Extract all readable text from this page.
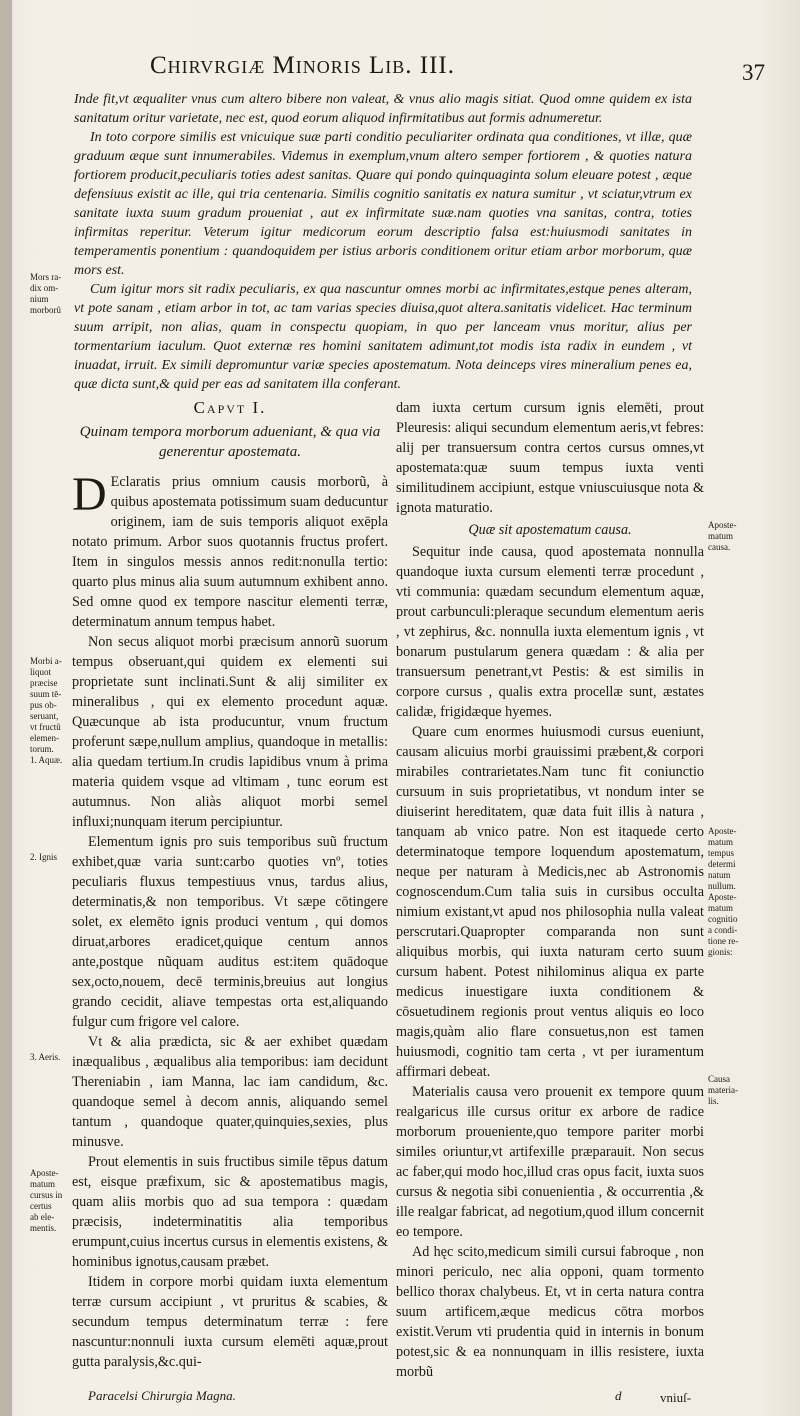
Chirvrgiæ Minoris Lib. III.	37

Inde fit,vt æqualiter vnus cum altero bibere non valeat, & vnus alio magis sitiat. Quod omne quidem ex ista sanitatum oritur varietate, nec est, quod eorum aliquod infirmitatibus aut formis adnumeretur.

In toto corpore similis est vnicuique suæ parti conditio peculiariter ordinata qua conditiones, vt illæ, quæ graduum æque sunt innumerabiles. Videmus in exemplum,vnum altero semper fortiorem , & quoties natura fortiorem producit,peculiaris toties adest sanitas. Quare qui pondo quinquaginta solum eleuare potest , æque defensiuus existit ac ille, qui tria centenaria. Similis cognitio sanitatis ex natura sumitur , vt sciatur,vtrum ex sanitate iuxta suum gradum proueniat , aut ex infirmitate suæ.nam quoties vna sanitas, contra, toties infirmitas reperitur. Veterum igitur medicorum eorum descriptio falsa est:huiusmodi sanitates in temperamentis ponentium : quandoquidem per istius arboris conditionem oritur etiam arbor morborum, quæ mors est.

Cum igitur mors sit radix peculiaris, ex qua nascuntur omnes morbi ac infirmitates,estque penes alteram, vt pote sanam , etiam arbor in tot, ac tam varias species diuisa,quot altera.sanitatis videlicet. Hac terminum suum arripit, non alias, quam in conspectu quopiam, in quo per lanceam vnus moritur, alius per tormentarium iaculum. Quot externæ res homini sanitatem adimunt,tot modis ista radix in eundem , vt inuadat, irruit. Ex simili depromuntur variæ species apostematum. Nota deinceps vires mineralium penes ea, quæ dicta sunt,& quid per eas ad sanitatem illa conferant.

Mors ra-
dix om-
nium
morborũ
Morbi a-
liquot
præcise
suum tē-
pus ob-
seruant,
vt fructũ
elemen-
torum.
1. Aquæ.
2. Ignis
3. Aeris.
Aposte-
matum
cursus in
certus
ab ele-
mentis.
Aposte-
matum
causa.
Aposte-
matum
tempus
determi
natum
nullum.
Aposte-
matum
cognitio
a condi-
tione re-
gionis:
Causa
materia-
lis.
Capvt I.
Quinam tempora morborum adueniant, & qua via generentur apostemata.

D Eclaratis prius omnium causis morborũ, à quibus apostemata potissimum suam deducuntur originem, iam de suis temporis aliquot exēpla notato primum. Arbor suos quotannis fructus profert. Item in singulos messis annos redit:nonulla tertio: quarto plus minus alia suum autumnum exhibent anno. Sed omne quod ex tempore nascitur elementi terræ, determinatum annum tempus habet.

Non secus aliquot morbi præcisum annorũ suorum tempus obseruant,qui quidem ex elementi sui proprietate sunt inclinati.Sunt & alij similiter ex mineralibus , qui ex elemento procedunt aquæ. Quæcunque ab ista producuntur, vnum fructum proferunt sæpe,nullum amplius, quandoque in metallis: alia quedam tertium.In crudis lapidibus vnum à prima materia quidem vsque ad vltimam , tunc eorum est autumnus. Non aliàs aliquot morbi semel influxi;nunquam iterum percipiuntur.

Elementum ignis pro suis temporibus suũ fructum exhibet,quæ varia sunt:carbo quoties vnº, toties peculiaris fluxus tempestiuus vnus, tardus alius, determinatis,& non temporibus. Vt sæpe cōtingere solet, ex elemēto ignis produci ventum , qui domos diruat,arbores eradicet,quique centum annos ante,postque nũquam auditus est:item quādoque sex,octo,nouem, decē terminis,breuius aut longius grando cecidit, aliave tempestas orta est,aliquando fulgur cum frigore vel calore.

Vt & alia prædicta, sic & aer exhibet quædam inæqualibus , æqualibus alia temporibus: iam decidunt Thereniabin , iam Manna, lac iam candidum, &c. quandoque semel à decom annis, aliquando semel tantum , quandoque quater,quinquies,sexies, plus minusve.

Prout elementis in suis fructibus simile tēpus datum est, eisque præfixum, sic & apostematibus magis, quam aliis morbis quo ad sua tempora : quædam præcisis, indeterminatitis alia temporibus erumpunt,cuius incertus cursus in elementis existens, & hominibus ignotus,causam præbet.

Itidem in corpore morbi quidam iuxta elementum terræ cursum accipiunt , vt pruritus & scabies, & secundum tempus determinatum terræ : fere nascuntur:nonnuli iuxta cursum elemēti aquæ,prout gutta paralysis,&c.qui-

dam iuxta certum cursum ignis elemēti, prout Pleuresis: aliqui secundum elementum aeris,vt febres: alij per transuersum contra certos cursus omnes,vt apostemata:quæ suum tempus iuxta venti similitudinem accipiunt, estque vniuscuiusque nota & ignota maturatio.

Quæ sit apostematum causa.

Sequitur inde causa, quod apostemata nonnulla quandoque iuxta cursum elementi terræ procedunt , vti communia: quædam secundum elementum aquæ, prout carbunculi:pleraque secundum elementum aeris , vt zephirus, &c. nonnulla iuxta elementum ignis , vt bonarum pustularum genera quædam : & alia per transuersum penetrant,vt Pestis: & est similis in corpore cursus , qualis extra procellæ sunt, æstates calidæ, frigidæque hyemes.

Quare cum enormes huiusmodi cursus eueniunt, causam alicuius morbi grauissimi præbent,& corpori mirabiles contrarietates.Nam tunc fit coniunctio cursuum in suis proprietatibus, vt nondum inter se diuiserint hereditatem, quæ data fuit illis à natura , tanquam ab vnico patre. Non est itaquede certo determinatoque tempore loquendum apostematum, neque per naturam à Medicis,nec ab Astronomis cognoscendum.Cum talia suis in cursibus occulta nimium existant,vt apud nos philosophia nulla valeat perscrutari.Quapropter comparanda non sunt aliquibus morbis, qui iuxta naturam certo suum cursum habent. Potest nihilominus aliqua ex parte medicus inuestigare iuxta conditionem & cōsuetudinem regionis prout ventus aliquis eo loco magis,quàm alio flare consuetus,non est tamen huiusmodi, cognitio tam certa , vt per iuramentum affirmari debeat.

Materialis causa vero prouenit ex tempore quum realgaricus ille cursus oritur ex arbore de radice morborum proueniente,quo tempore pariter morbi similes oriuntur,vt artifexille præparauit. Non secus ac faber,qui modo hoc,illud cras opus facit, iuxta suos cursus & negotia sibi conuenientia , & occurrentia ,& ille realgar fabricat, ad negotium,quod illum concernit eo tempore.

Ad hęc scito,medicum simili cursui fabroque , non minori periculo, nec alia opponi, quam tormento bellico thorax chalybeus. Et, vt in certa natura contra suum artificem,æque medicus cōtra morbos existit.Verum vti prudentia quid in internis in bonum potest,sic & ea nonnunquam in illis resistere, iuxta morbũ

Paracelsi Chirurgia Magna.	d	vniuſ-
